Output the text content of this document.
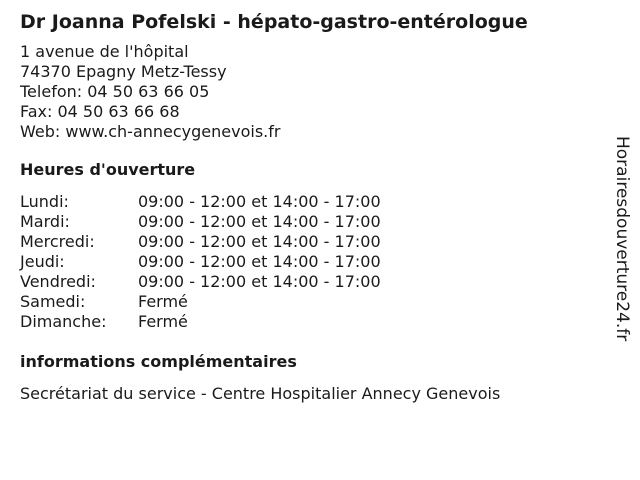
Dr Joanna Pofelski - hépato-gastro-entérologue
1 avenue de l'hôpital
74370 Epagny Metz-Tessy
Telefon: 04 50 63 66 05
Fax: 04 50 63 66 68
Web: www.ch-annecygenevois.fr
Heures d'ouverture
Lundi:	09:00 - 12:00 et 14:00 - 17:00
Mardi:	09:00 - 12:00 et 14:00 - 17:00
Mercredi:	09:00 - 12:00 et 14:00 - 17:00
Jeudi:	09:00 - 12:00 et 14:00 - 17:00
Vendredi:	09:00 - 12:00 et 14:00 - 17:00
Samedi:	Fermé
Dimanche:	Fermé
informations complémentaires
Secrétariat du service - Centre Hospitalier Annecy Genevois
Horairesdouverture24.fr
